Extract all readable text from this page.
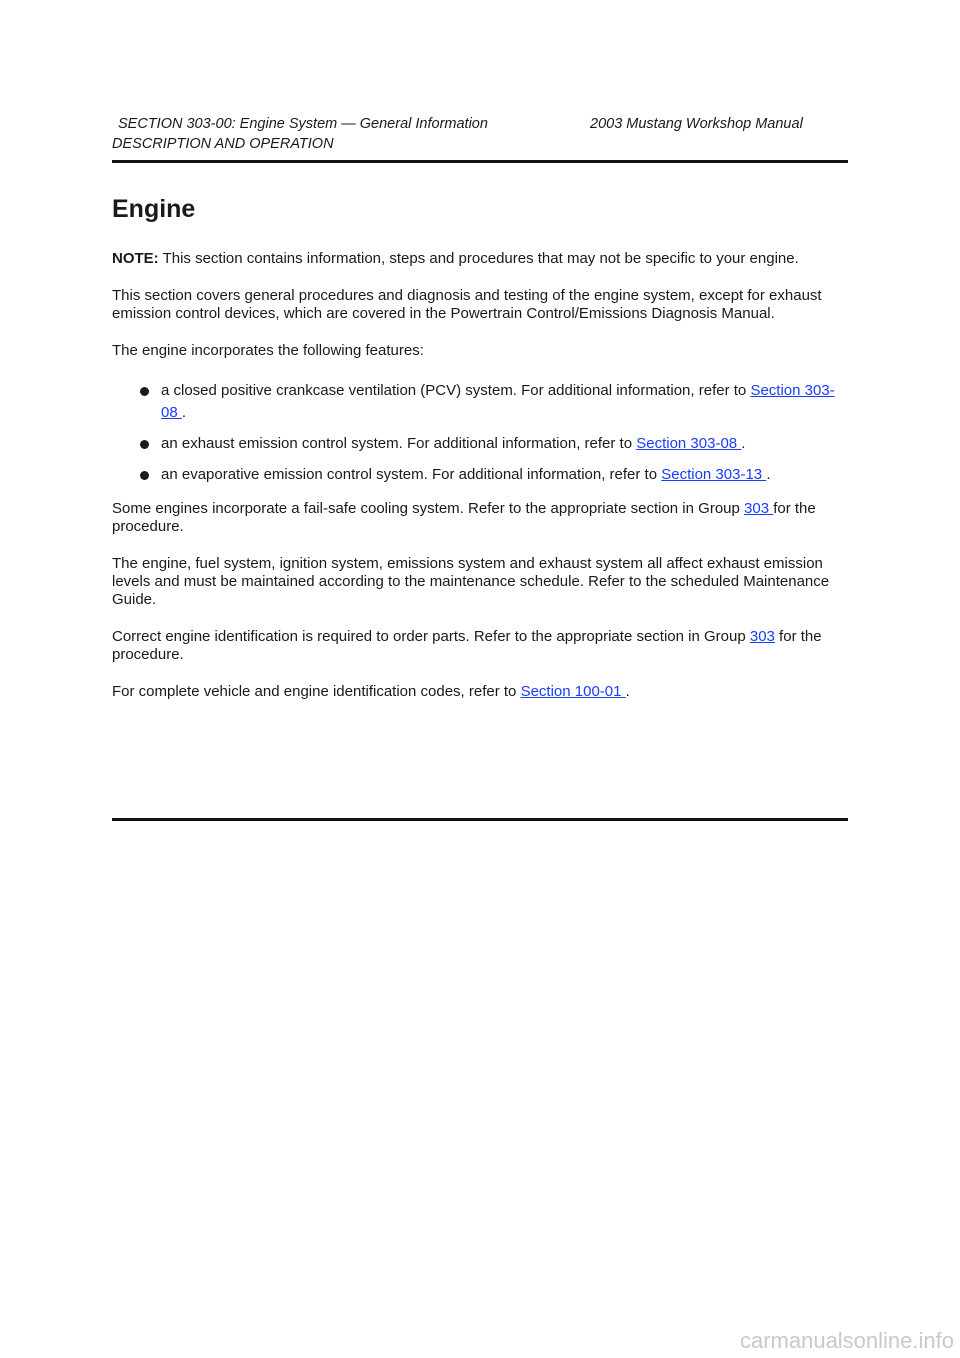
SECTION 303-00: Engine System — General Information	2003 Mustang Workshop Manual
DESCRIPTION AND OPERATION
Engine

NOTE: This section contains information, steps and procedures that may not be specific to your engine.

This section covers general procedures and diagnosis and testing of the engine system, except for exhaust emission control devices, which are covered in the Powertrain Control/Emissions Diagnosis Manual.

The engine incorporates the following features:

a closed positive crankcase ventilation (PCV) system. For additional information, refer to Section 303-08 .
an exhaust emission control system. For additional information, refer to Section 303-08 .
an evaporative emission control system. For additional information, refer to Section 303-13 .

Some engines incorporate a fail-safe cooling system. Refer to the appropriate section in Group 303 for the procedure.

The engine, fuel system, ignition system, emissions system and exhaust system all affect exhaust emission levels and must be maintained according to the maintenance schedule. Refer to the scheduled Maintenance Guide.

Correct engine identification is required to order parts. Refer to the appropriate section in Group 303 for the procedure.

For complete vehicle and engine identification codes, refer to Section 100-01 .

carmanualsonline.info
